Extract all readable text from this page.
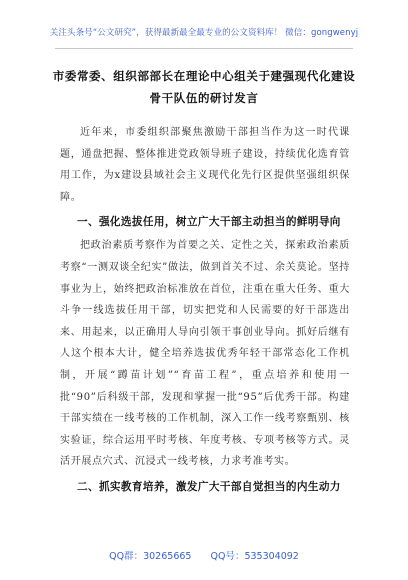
关注头条号“公文研究”，获得最新最全最专业的公文资料库！ 微信：gongwenyj
市委常委、组织部部长在理论中心组关于建强现代化建设
骨干队伍的研讨发言

近年来，市委组织部聚焦激励干部担当作为这一时代课题，通盘把握、整体推进党政领导班子建设，持续优化选育管用工作，为x建设县域社会主义现代化先行区提供坚强组织保障。

一、强化选拔任用，树立广大干部主动担当的鲜明导向

把政治素质考察作为首要之关、定性之关，探索政治素质考察“一测双谈全纪实”做法，做到首关不过、余关莫论。坚持事业为上，始终把政治标准放在首位，注重在重大任务、重大斗争一线选拔任用干部，切实把党和人民需要的好干部选出来、用起来，以正确用人导向引领干事创业导向。抓好后继有人这个根本大计，健全培养选拔优秀年轻干部常态化工作机制，开展“蹲苗计划”“育苗工程”，重点培养和使用一批“90”后科级干部，发现和掌握一批“95”后优秀干部。构建干部实绩在一线考核的工作机制，深入工作一线考察甄别、核实验证，综合运用平时考核、年度考核、专项考核等方式。灵活开展点穴式、沉浸式一线考核，力求考准考实。

二、抓实教育培养，激发广大干部自觉担当的内生动力

QQ群：30265665 QQ号：535304092
